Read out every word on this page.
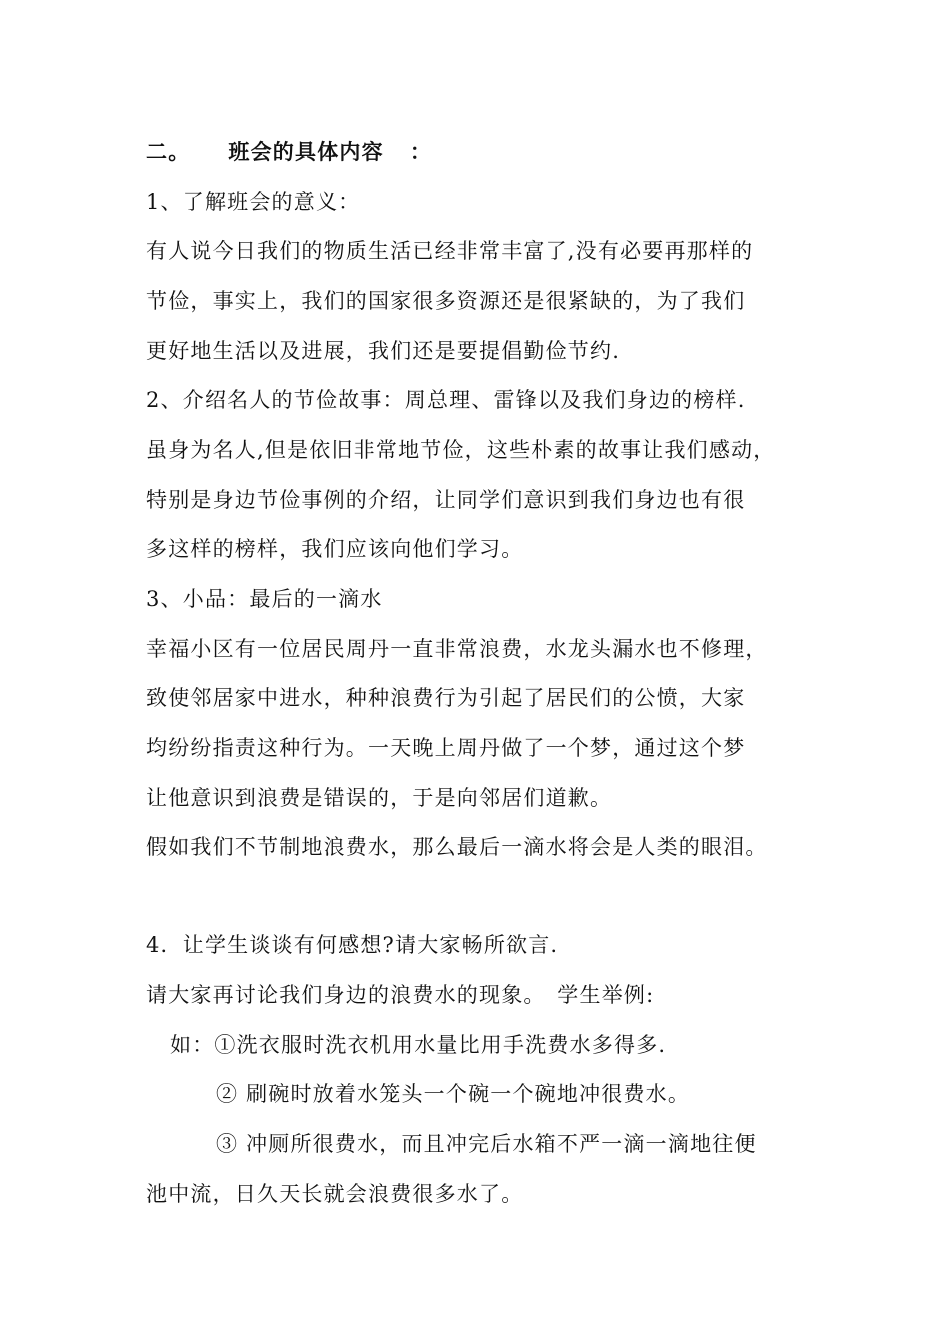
二。 班会的具体内容 ：
1、了解班会的意义：
有人说今日我们的物质生活已经非常丰富了,没有必要再那样的
节俭，事实上，我们的国家很多资源还是很紧缺的，为了我们
更好地生活以及进展，我们还是要提倡勤俭节约.
2、介绍名人的节俭故事：周总理、雷锋以及我们身边的榜样.
虽身为名人,但是依旧非常地节俭，这些朴素的故事让我们感动，
特别是身边节俭事例的介绍，让同学们意识到我们身边也有很
多这样的榜样，我们应该向他们学习。
3、小品：最后的一滴水
幸福小区有一位居民周丹一直非常浪费，水龙头漏水也不修理，
致使邻居家中进水，种种浪费行为引起了居民们的公愤，大家
均纷纷指责这种行为。一天晚上周丹做了一个梦，通过这个梦
让他意识到浪费是错误的，于是向邻居们道歉。
假如我们不节制地浪费水，那么最后一滴水将会是人类的眼泪。
4．让学生谈谈有何感想?请大家畅所欲言.
请大家再讨论我们身边的浪费水的现象。　学生举例:
如：①洗衣服时洗衣机用水量比用手洗费水多得多.
② 刷碗时放着水笼头一个碗一个碗地冲很费水。
③ 冲厕所很费水，而且冲完后水箱不严一滴一滴地往便
池中流，日久天长就会浪费很多水了。
